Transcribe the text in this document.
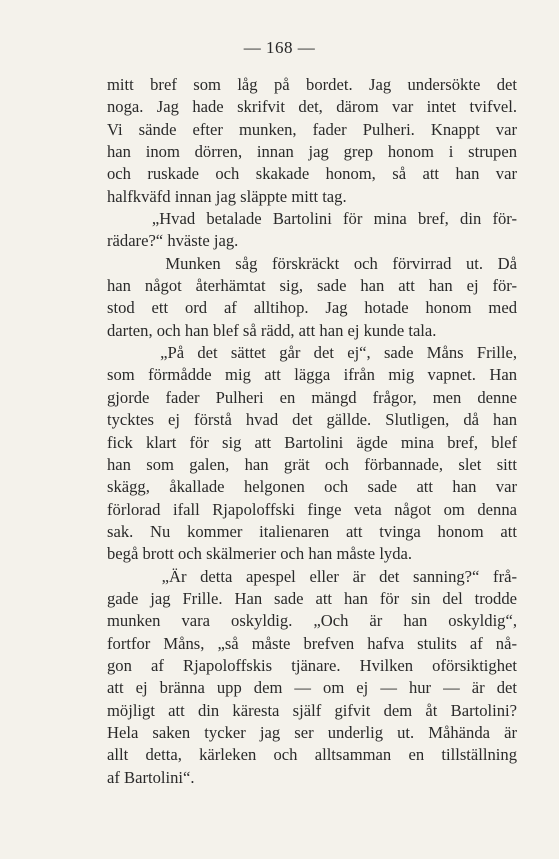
— 168 —
mitt bref som låg på bordet. Jag undersökte det
noga. Jag hade skrifvit det, därom var intet tvifvel.
Vi sände efter munken, fader Pulheri. Knappt var
han inom dörren, innan jag grep honom i strupen
och ruskade och skakade honom, så att han var
halfkväfd innan jag släppte mitt tag.
„Hvad betalade Bartolini för mina bref, din för-
rädare?“ hväste jag.
Munken såg förskräckt och förvirrad ut. Då
han något återhämtat sig, sade han att han ej för-
stod ett ord af alltihop. Jag hotade honom med
darten, och han blef så rädd, att han ej kunde tala.
„På det sättet går det ej“, sade Måns Frille,
som förmådde mig att lägga ifrån mig vapnet. Han
gjorde fader Pulheri en mängd frågor, men denne
tycktes ej förstå hvad det gällde. Slutligen, då han
fick klart för sig att Bartolini ägde mina bref, blef
han som galen, han grät och förbannade, slet sitt
skägg, åkallade helgonen och sade att han var
förlorad ifall Rjapoloffski finge veta något om denna
sak. Nu kommer italienaren att tvinga honom att
begå brott och skälmerier och han måste lyda.
„Är detta apespel eller är det sanning?“ frå-
gade jag Frille. Han sade att han för sin del trodde
munken vara oskyldig. „Och är han oskyldig“,
fortfor Måns, „så måste brefven hafva stulits af nå-
gon af Rjapoloffskis tjänare. Hvilken oförsiktighet
att ej bränna upp dem — om ej — hur — är det
möjligt att din käresta själf gifvit dem åt Bartolini?
Hela saken tycker jag ser underlig ut. Måhända är
allt detta, kärleken och alltsamman en tillställning
af Bartolini“.
